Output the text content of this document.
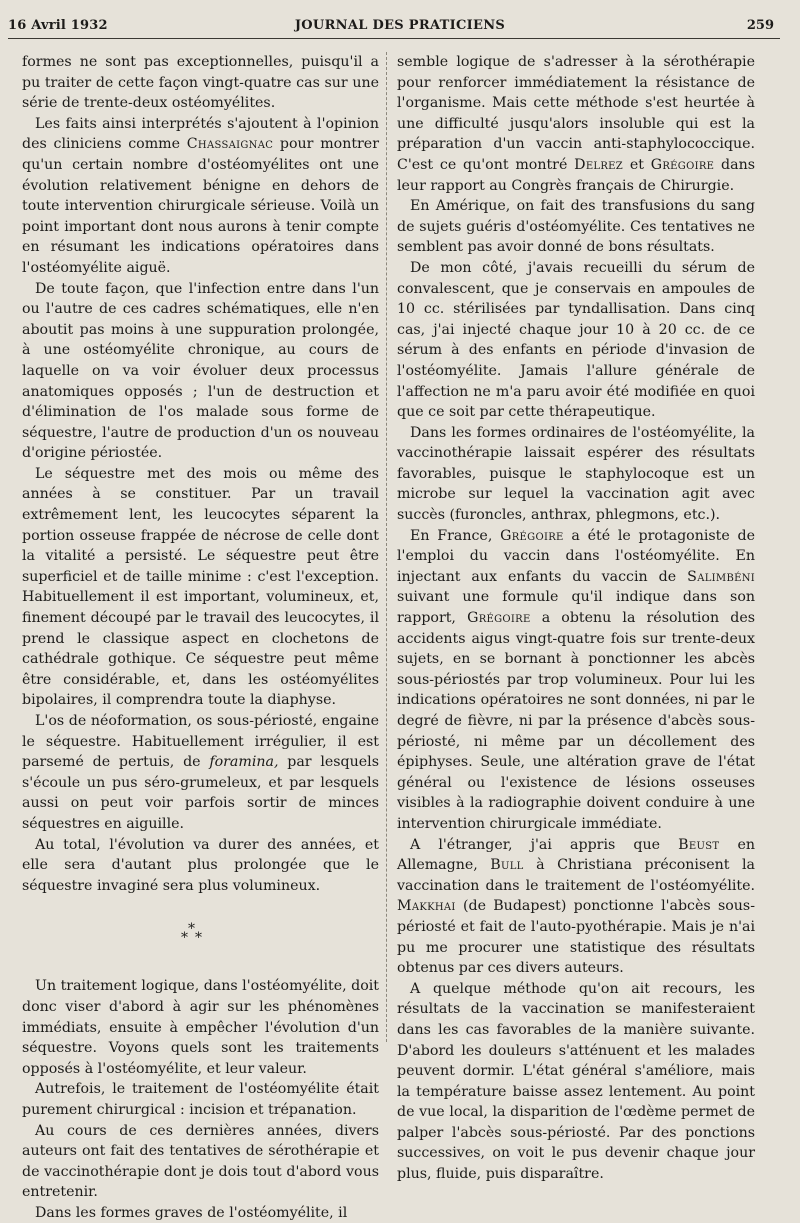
16 Avril 1932	JOURNAL DES PRATICIENS	259

formes ne sont pas exceptionnelles, puisqu'il a pu traiter de cette façon vingt-quatre cas sur une série de trente-deux ostéomyélites.

Les faits ainsi interprétés s'ajoutent à l'opinion des cliniciens comme Chassaignac pour montrer qu'un certain nombre d'ostéomyélites ont une évolution relativement bénigne en dehors de toute intervention chirurgicale sérieuse. Voilà un point important dont nous aurons à tenir compte en résumant les indications opératoires dans l'ostéomyélite aiguë.

De toute façon, que l'infection entre dans l'un ou l'autre de ces cadres schématiques, elle n'en aboutit pas moins à une suppuration prolongée, à une ostéomyélite chronique, au cours de laquelle on va voir évoluer deux processus anatomiques opposés ; l'un de destruction et d'élimination de l'os malade sous forme de séquestre, l'autre de production d'un os nouveau d'origine périostée.

Le séquestre met des mois ou même des années à se constituer. Par un travail extrêmement lent, les leucocytes séparent la portion osseuse frappée de nécrose de celle dont la vitalité a persisté. Le séquestre peut être superficiel et de taille minime : c'est l'exception. Habituellement il est important, volumineux, et, finement découpé par le travail des leucocytes, il prend le classique aspect en clochetons de cathédrale gothique. Ce séquestre peut même être considérable, et, dans les ostéomyélites bipolaires, il comprendra toute la diaphyse.

L'os de néoformation, os sous-périosté, engaine le séquestre. Habituellement irrégulier, il est parsemé de pertuis, de foramina, par lesquels s'écoule un pus séro-grumeleux, et par lesquels aussi on peut voir parfois sortir de minces séquestres en aiguille.

Au total, l'évolution va durer des années, et elle sera d'autant plus prolongée que le séquestre invaginé sera plus volumineux.

*
* *

Un traitement logique, dans l'ostéomyélite, doit donc viser d'abord à agir sur les phénomènes immédiats, ensuite à empêcher l'évolution d'un séquestre. Voyons quels sont les traitements opposés à l'ostéomyélite, et leur valeur.

Autrefois, le traitement de l'ostéomyélite était purement chirurgical : incision et trépanation.

Au cours de ces dernières années, divers auteurs ont fait des tentatives de sérothérapie et de vaccinothérapie dont je dois tout d'abord vous entretenir.

Dans les formes graves de l'ostéomyélite, il

semble logique de s'adresser à la sérothérapie pour renforcer immédiatement la résistance de l'organisme. Mais cette méthode s'est heurtée à une difficulté jusqu'alors insoluble qui est la préparation d'un vaccin anti-staphylococcique. C'est ce qu'ont montré Delrez et Grégoire dans leur rapport au Congrès français de Chirurgie.

En Amérique, on fait des transfusions du sang de sujets guéris d'ostéomyélite. Ces tentatives ne semblent pas avoir donné de bons résultats.

De mon côté, j'avais recueilli du sérum de convalescent, que je conservais en ampoules de 10 cc. stérilisées par tyndallisation. Dans cinq cas, j'ai injecté chaque jour 10 à 20 cc. de ce sérum à des enfants en période d'invasion de l'ostéomyélite. Jamais l'allure générale de l'affection ne m'a paru avoir été modifiée en quoi que ce soit par cette thérapeutique.

Dans les formes ordinaires de l'ostéomyélite, la vaccinothérapie laissait espérer des résultats favorables, puisque le staphylocoque est un microbe sur lequel la vaccination agit avec succès (furoncles, anthrax, phlegmons, etc.).

En France, Grégoire a été le protagoniste de l'emploi du vaccin dans l'ostéomyélite. En injectant aux enfants du vaccin de Salimbéni suivant une formule qu'il indique dans son rapport, Grégoire a obtenu la résolution des accidents aigus vingt-quatre fois sur trente-deux sujets, en se bornant à ponctionner les abcès sous-périostés par trop volumineux. Pour lui les indications opératoires ne sont données, ni par le degré de fièvre, ni par la présence d'abcès sous-périosté, ni même par un décollement des épiphyses. Seule, une altération grave de l'état général ou l'existence de lésions osseuses visibles à la radiographie doivent conduire à une intervention chirurgicale immédiate.

A l'étranger, j'ai appris que Beust en Allemagne, Bull à Christiana préconisent la vaccination dans le traitement de l'ostéomyélite. Makkhai (de Budapest) ponctionne l'abcès sous-périosté et fait de l'auto-pyothérapie. Mais je n'ai pu me procurer une statistique des résultats obtenus par ces divers auteurs.

A quelque méthode qu'on ait recours, les résultats de la vaccination se manifesteraient dans les cas favorables de la manière suivante. D'abord les douleurs s'atténuent et les malades peuvent dormir. L'état général s'améliore, mais la température baisse assez lentement. Au point de vue local, la disparition de l'œdème permet de palper l'abcès sous-périosté. Par des ponctions successives, on voit le pus devenir chaque jour plus, fluide, puis disparaître.
